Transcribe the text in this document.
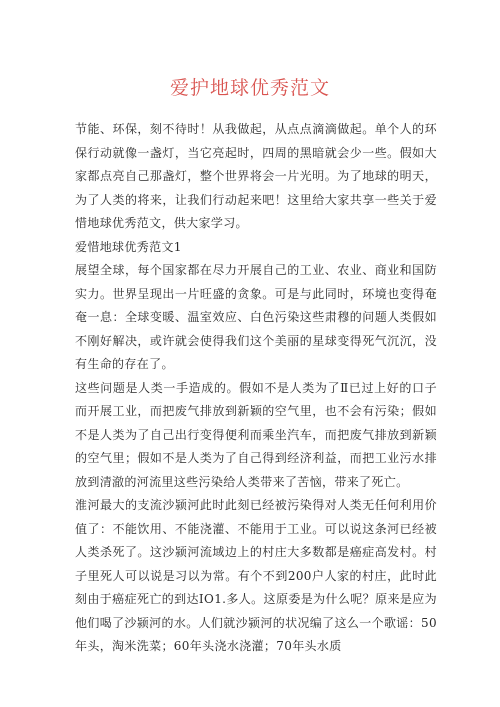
爱护地球优秀范文

节能、环保，刻不待时！从我做起，从点点滴滴做起。单个人的环保行动就像一盏灯，当它亮起时，四周的黑暗就会少一些。假如大家都点亮自己那盏灯，整个世界将会一片光明。为了地球的明天，为了人类的将来，让我们行动起来吧！这里给大家共享一些关于爱惜地球优秀范文，供大家学习。

爱惜地球优秀范文1

展望全球，每个国家都在尽力开展自己的工业、农业、商业和国防实力。世界呈现出一片旺盛的贪象。可是与此同时，环境也变得奄奄一息：全球变暖、温室效应、白色污染这些肃穆的问题人类假如不刚好解决，或许就会使得我们这个美丽的星球变得死气沉沉，没有生命的存在了。

这些问题是人类一手造成的。假如不是人类为了Ⅱ已过上好的口子而开展工业，而把废气排放到新颖的空气里，也不会有污染；假如不是人类为了自己出行变得便利而乘坐汽车，而把废气排放到新颖的空气里；假如不是人类为了自己得到经济利益，而把工业污水排放到清澈的河流里这些污染给人类带来了苦恼，带来了死亡。

淮河最大的支流沙颍河此时此刻已经被污染得对人类无任何利用价值了：不能饮用、不能浇灌、不能用于工业。可以说这条河已经被人类杀死了。这沙颍河流域边上的村庄大多数都是癌症高发村。村子里死人可以说是习以为常。有个不到200户人家的村庄，此时此刻由于癌症死亡的到达IO1.多人。这原委是为什么呢？原来是应为他们喝了沙颍河的水。人们就沙颍河的状况编了这么一个歌谣：50年头，淘米洗菜；60年头浇水浇灌；70年头水质
